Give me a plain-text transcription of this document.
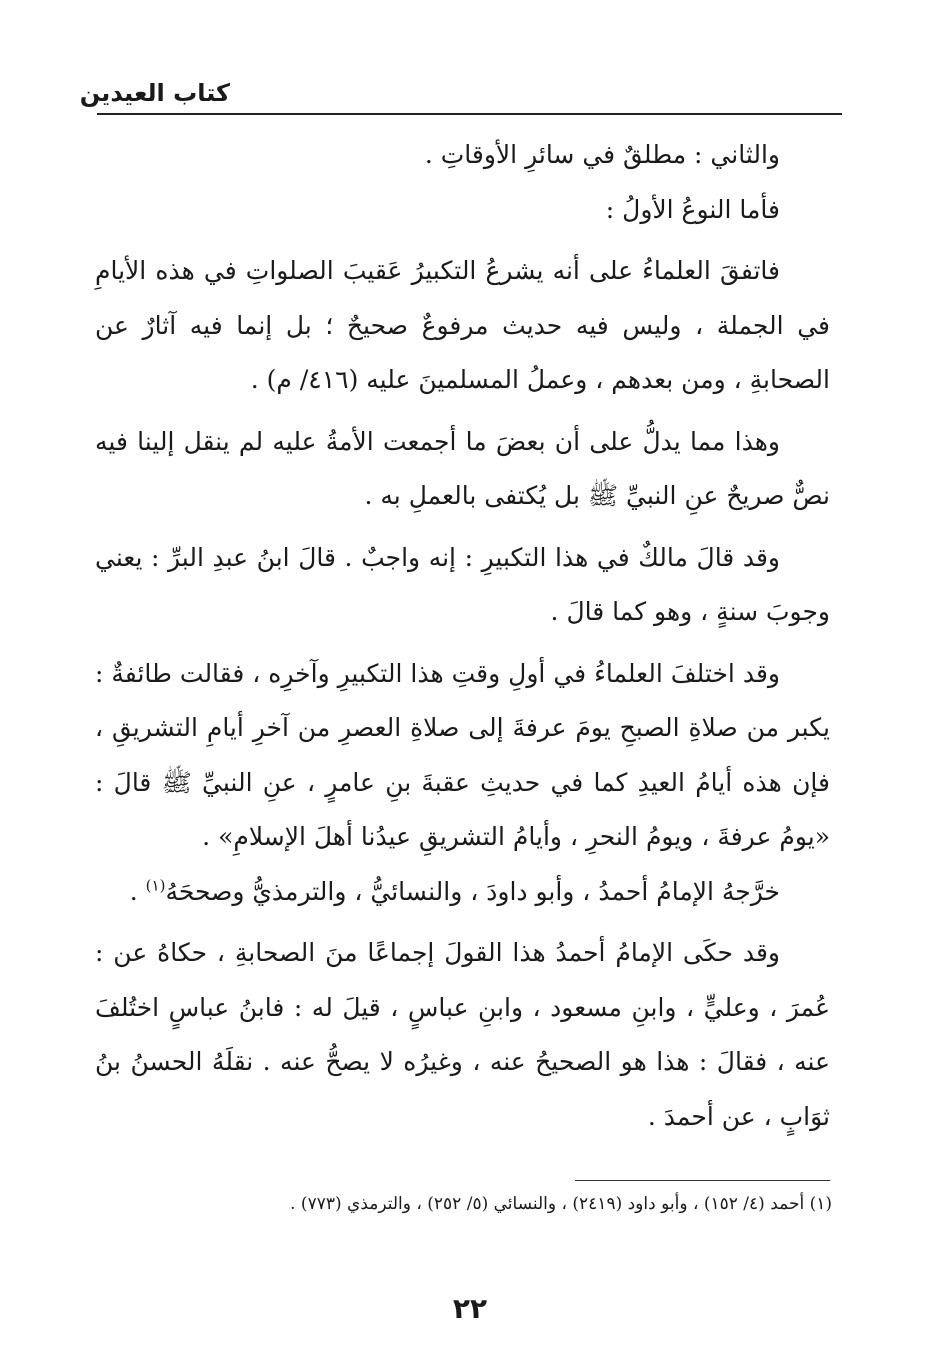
كتاب العيدين

والثاني : مطلقٌ في سائرِ الأوقاتِ .

فأما النوعُ الأولُ :

فاتفقَ العلماءُ على أنه يشرعُ التكبيرُ عَقيبَ الصلواتِ في هذه الأيامِ في الجملة ، وليس فيه حديث مرفوعٌ صحيحٌ ؛ بل إنما فيه آثارٌ عن الصحابةِ ، ومن بعدهم ، وعملُ المسلمينَ عليه (٤١٦/ م) .

وهذا مما يدلُّ على أن بعضَ ما أجمعت الأمةُ عليه لم ينقل إلينا فيه نصٌّ صريحٌ عنِ النبيِّ ﷺ بل يُكتفى بالعملِ به .

وقد قالَ مالكٌ في هذا التكبيرِ : إنه واجبٌ . قالَ ابنُ عبدِ البرِّ : يعني وجوبَ سنةٍ ، وهو كما قالَ .

وقد اختلفَ العلماءُ في أولِ وقتِ هذا التكبيرِ وآخرِه ، فقالت طائفةٌ : يكبر من صلاةِ الصبحِ يومَ عرفةَ إلى صلاةِ العصرِ من آخرِ أيامِ التشريقِ ، فإن هذه أيامُ العيدِ كما في حديثِ عقبةَ بنِ عامرٍ ، عنِ النبيِّ ﷺ قالَ : «يومُ عرفةَ ، ويومُ النحرِ ، وأيامُ التشريقِ عيدُنا أهلَ الإسلامِ» .

خرَّجهُ الإمامُ أحمدُ ، وأبو داودَ ، والنسائيُّ ، والترمذيُّ وصححَهُ$^{(١)}$ .

وقد حكَى الإمامُ أحمدُ هذا القولَ إجماعًا منَ الصحابةِ ، حكاهُ عن : عُمرَ ، وعليٍّ ، وابنِ مسعود ، وابنِ عباسٍ ، قيلَ له : فابنُ عباسٍ اختُلفَ عنه ، فقالَ : هذا هو الصحيحُ عنه ، وغيرُه لا يصحُّ عنه . نقلَهُ الحسنُ بنُ ثوَابٍ ، عن أحمدَ .

(١) أحمد (٤/ ١٥٢) ، وأبو داود (٢٤١٩) ، والنسائي (٥/ ٢٥٢) ، والترمذي (٧٧٣) .
٢٢
